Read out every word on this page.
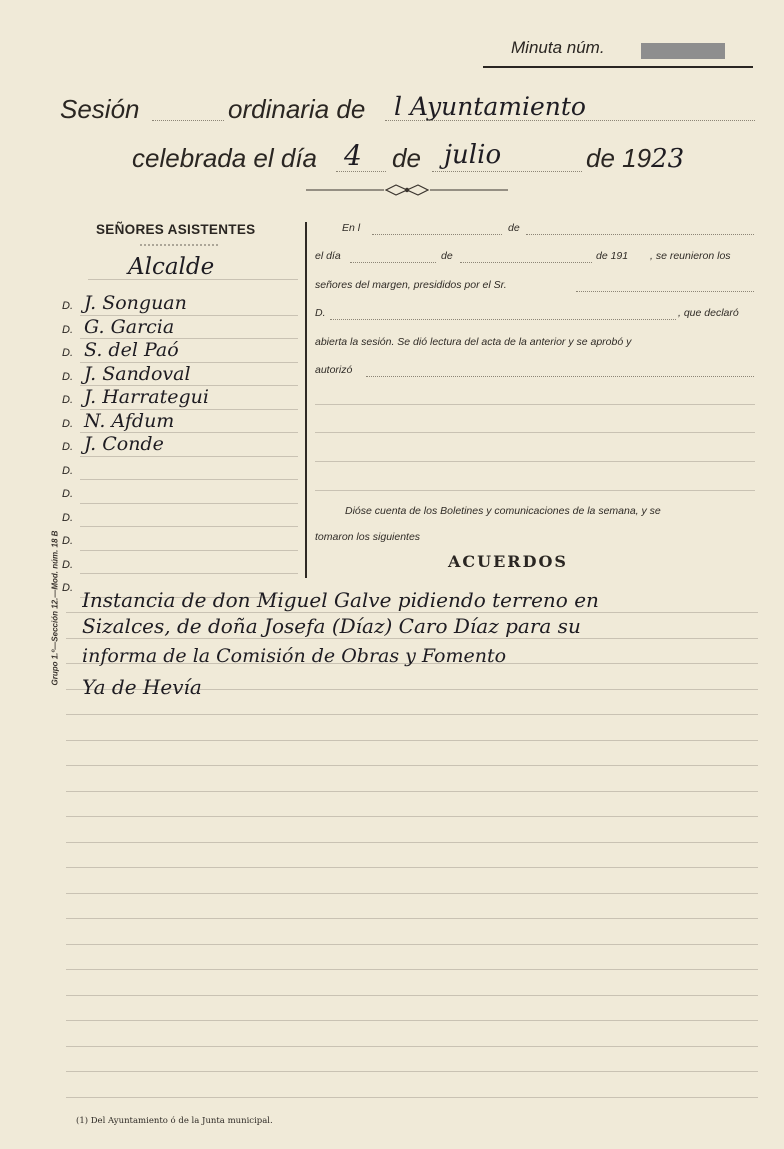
Minuta núm.
Sesión	ordinaria de l Ayuntamiento
celebrada el día 4 de julio	de 1923
SEÑORES ASISTENTES
Alcalde
D. J. Songuan
D. G. Garcia
D. S. del Paó
D. J. Sandoval
D. J. Harrategui
D. N. Afdum
D. J. Conde
D.
D.
D.
D.
D.
D.
En l	de
el día	de	de 191 , se reunieron los
señores del margen, presididos por el Sr.
D.	, que declaró
abierta la sesión. Se dió lectura del acta de la anterior y se aprobó y
autorizó
Dióse cuenta de los Boletines y comunicaciones de la semana, y se
tomaron los siguientes
ACUERDOS
Grupo 1.º—Sección 12.—Mod. núm. 18 B Instancia de don Miguel Galve pidiendo terreno en
Sizalces, de doña Josefa (Díaz) Caro Díaz para su
informa de la Comisión de Obras y Fomento
Ya de Hevía
(1) Del Ayuntamiento ó de la Junta municipal.
